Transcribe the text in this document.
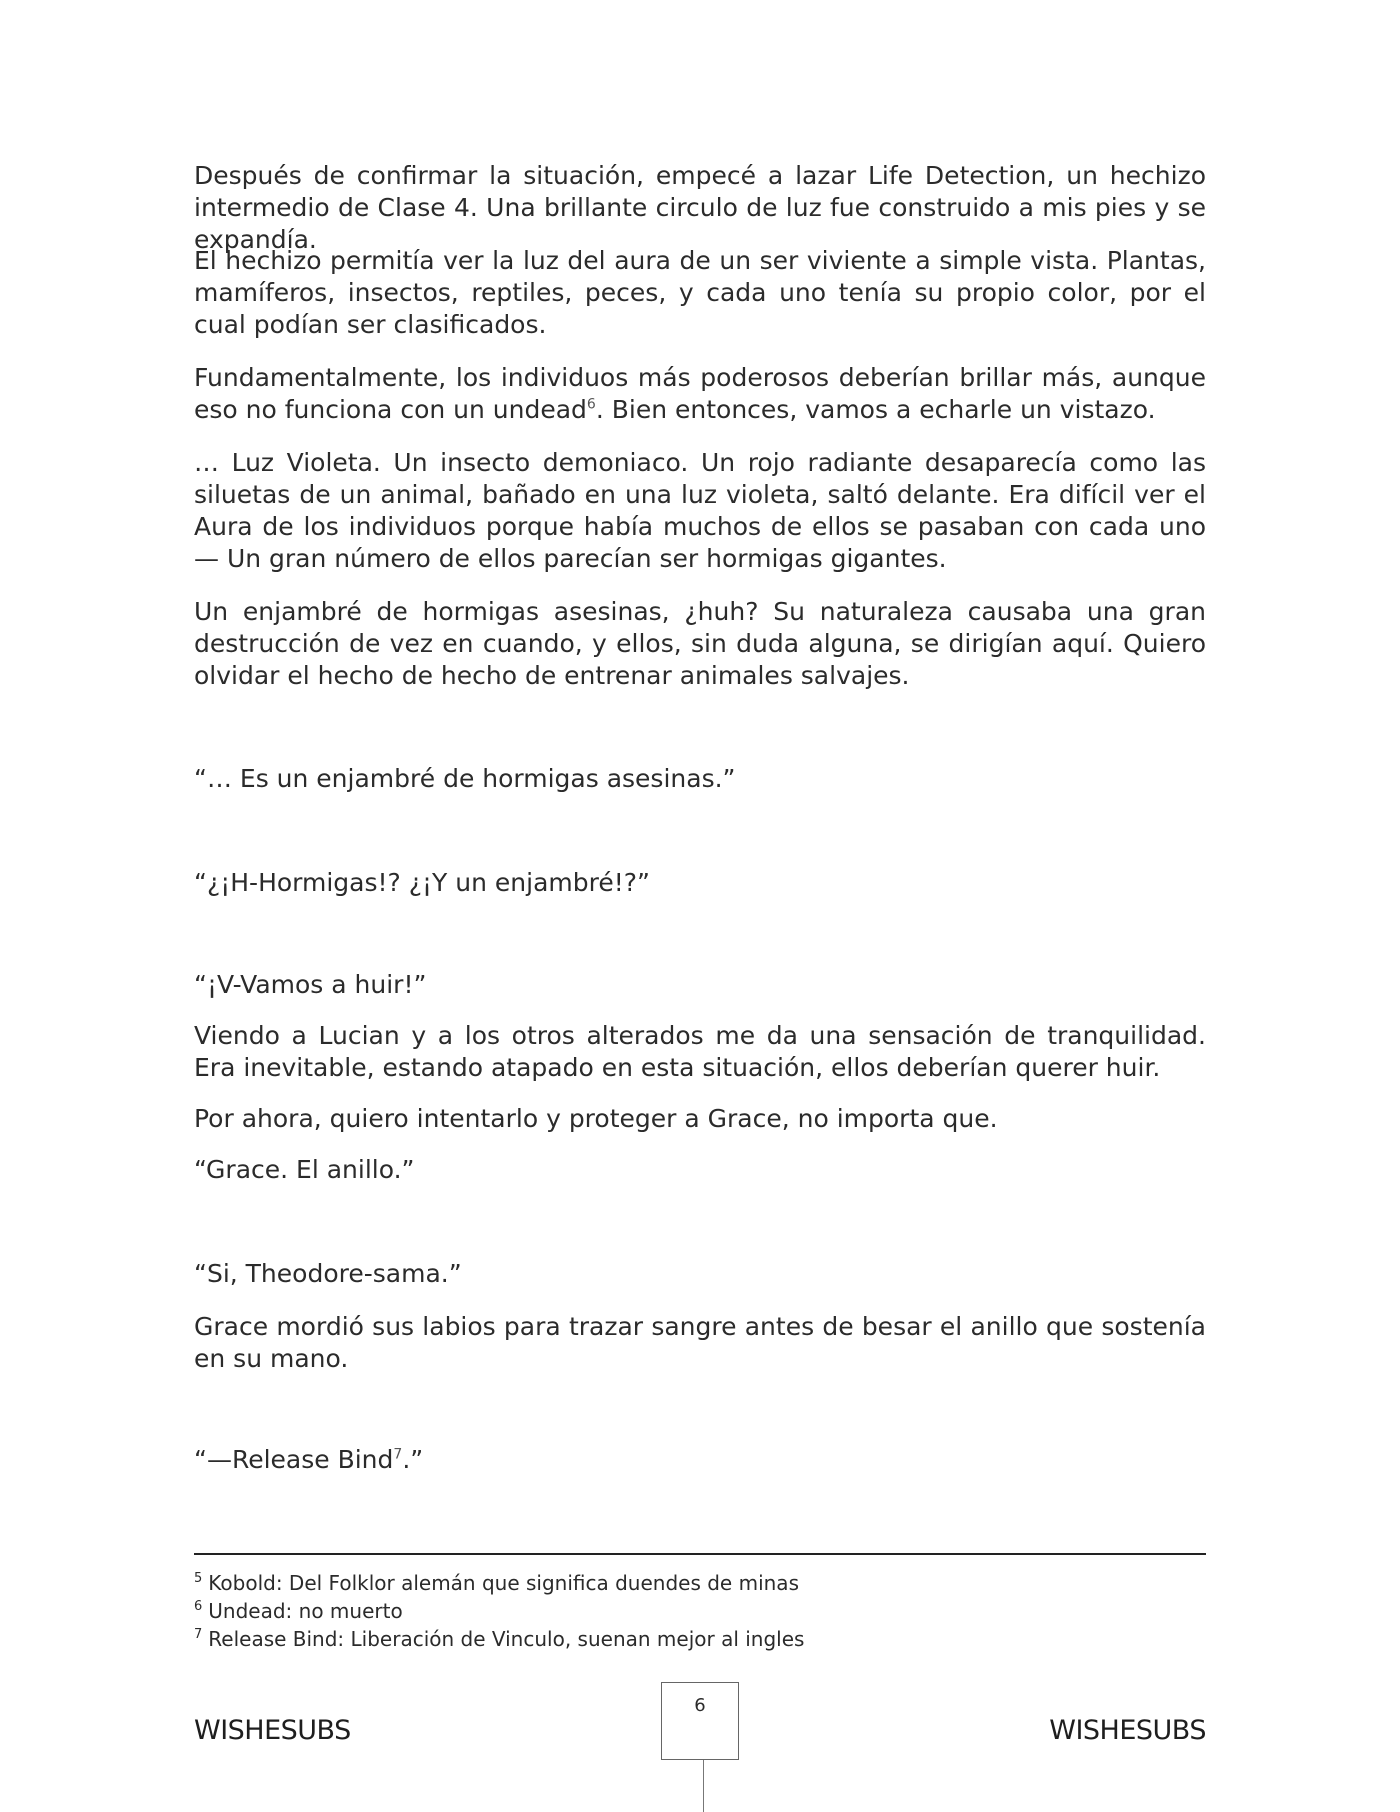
Después de confirmar la situación, empecé a lazar Life Detection, un hechizo intermedio de Clase 4. Una brillante circulo de luz fue construido a mis pies y se expandía.

El hechizo permitía ver la luz del aura de un ser viviente a simple vista. Plantas, mamíferos, insectos, reptiles, peces, y cada uno tenía su propio color, por el cual podían ser clasificados.

Fundamentalmente, los individuos más poderosos deberían brillar más, aunque eso no funciona con un undead$^6$. Bien entonces, vamos a echarle un vistazo.

… Luz Violeta. Un insecto demoniaco. Un rojo radiante desaparecía como las siluetas de un animal, bañado en una luz violeta, saltó delante. Era difícil ver el Aura de los individuos porque había muchos de ellos se pasaban con cada uno— Un gran número de ellos parecían ser hormigas gigantes.

Un enjambré de hormigas asesinas, ¿huh? Su naturaleza causaba una gran destrucción de vez en cuando, y ellos, sin duda alguna, se dirigían aquí. Quiero olvidar el hecho de hecho de entrenar animales salvajes.

“… Es un enjambré de hormigas asesinas.”

“¿¡H-Hormigas!? ¿¡Y un enjambré!?”

“¡V-Vamos a huir!”

Viendo a Lucian y a los otros alterados me da una sensación de tranquilidad. Era inevitable, estando atapado en esta situación, ellos deberían querer huir.

Por ahora, quiero intentarlo y proteger a Grace, no importa que.

“Grace. El anillo.”

“Si, Theodore-sama.”

Grace mordió sus labios para trazar sangre antes de besar el anillo que sostenía en su mano.

“—Release Bind$^7$.”

$^5$ Kobold: Del Folklor alemán que significa duendes de minas
$^6$ Undead: no muerto
$^7$ Release Bind: Liberación de Vinculo, suenan mejor al ingles
WISHESUBS
6
WISHESUBS
